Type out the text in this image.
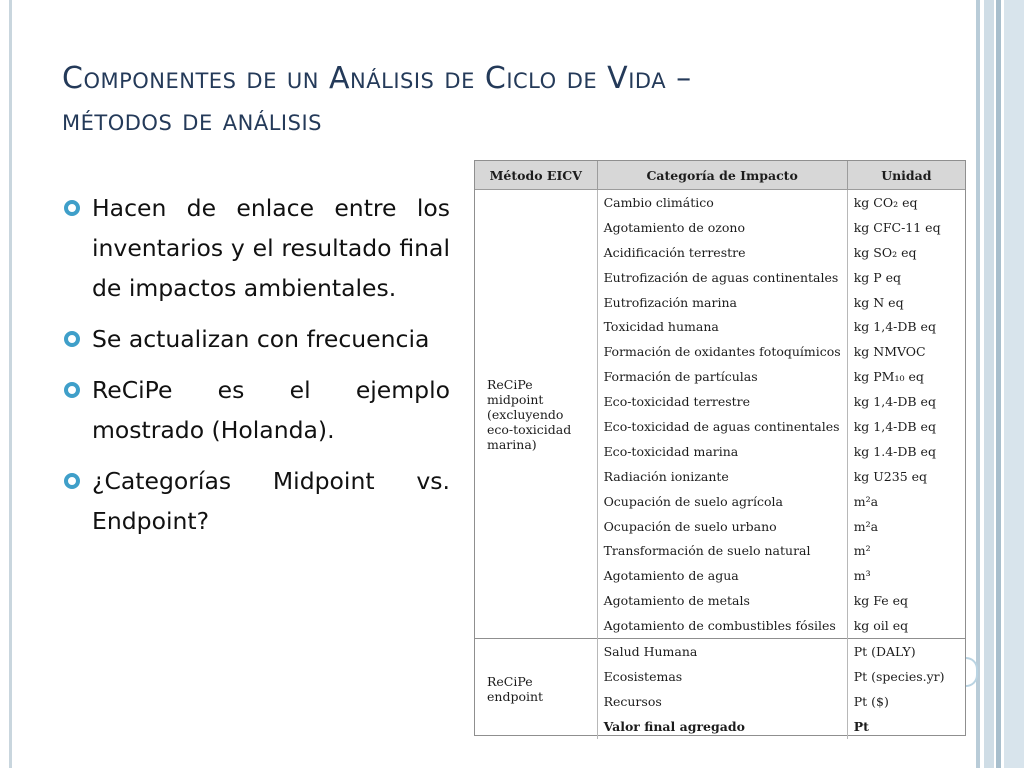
Componentes de un Análisis de Ciclo de Vida –
métodos de análisis
Hacen de enlace entre los inventarios y el resultado final de impactos ambientales.
Se actualizan con frecuencia
ReCiPe es el ejemplo mostrado (Holanda).
¿Categorías Midpoint vs. Endpoint?
Método EICV	Categoría de Impacto	Unidad
ReCiPe midpoint (excluyendo eco-toxicidad marina)	Cambio climático	kg CO₂ eq
	Agotamiento de ozono	kg CFC-11 eq
	Acidificación terrestre	kg SO₂ eq
	Eutrofización de aguas continentales	kg P eq
	Eutrofización marina	kg N eq
	Toxicidad humana	kg 1,4-DB eq
	Formación de oxidantes fotoquímicos	kg NMVOC
	Formación de partículas	kg PM₁₀ eq
	Eco-toxicidad terrestre	kg 1,4-DB eq
	Eco-toxicidad de aguas continentales	kg 1,4-DB eq
	Eco-toxicidad marina	kg 1.4-DB eq
	Radiación ionizante	kg U235 eq
	Ocupación de suelo agrícola	m²a
	Ocupación de suelo urbano	m²a
	Transformación de suelo natural	m²
	Agotamiento de agua	m³
	Agotamiento de metals	kg Fe eq
	Agotamiento de combustibles fósiles	kg oil eq
ReCiPe endpoint	Salud Humana	Pt (DALY)
	Ecosistemas	Pt (species.yr)
	Recursos	Pt ($)
	Valor final agregado	Pt
